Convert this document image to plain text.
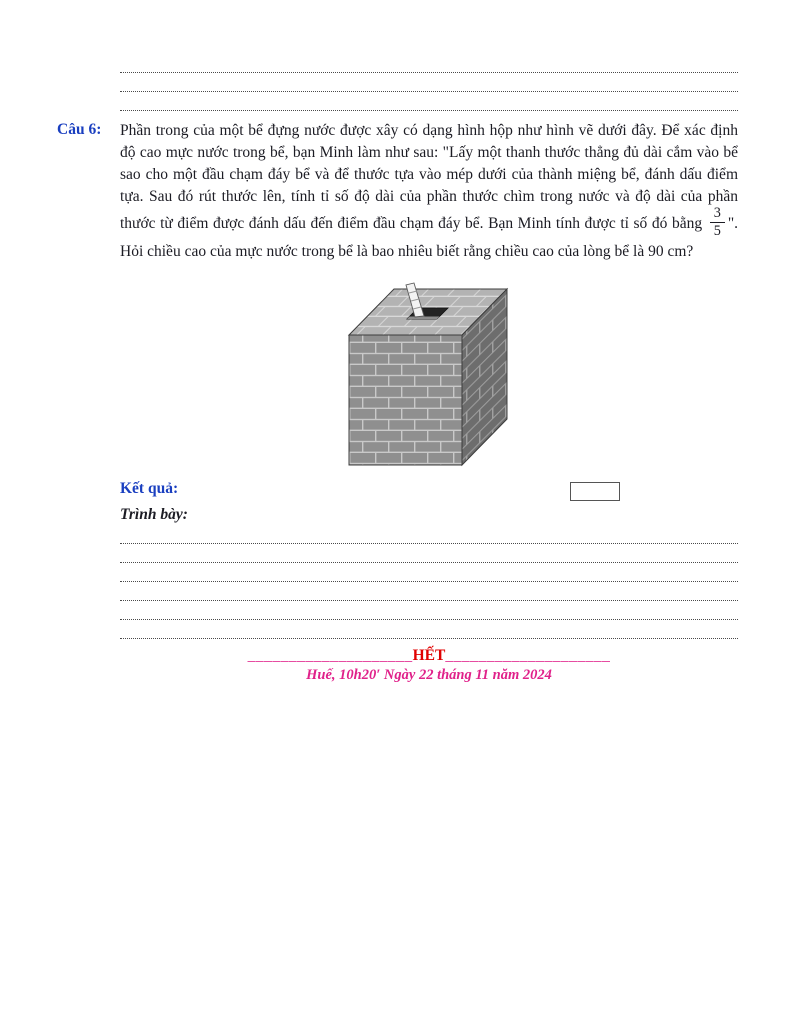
Câu 6: Phần trong của một bể đựng nước được xây có dạng hình hộp như hình vẽ dưới đây. Để xác định độ cao mực nước trong bể, bạn Minh làm như sau: "Lấy một thanh thước thẳng đủ dài cắm vào bể sao cho một đầu chạm đáy bể và để thước tựa vào mép dưới của thành miệng bể, đánh dấu điểm tựa. Sau đó rút thước lên, tính tỉ số độ dài của phần thước chìm trong nước và độ dài của phần thước từ điểm được đánh dấu đến điểm đầu chạm đáy bể. Bạn Minh tính được tỉ số đó bằng $\frac{3}{5}$ ". Hỏi chiều cao của mực nước trong bể là bao nhiêu biết rằng chiều cao của lòng bể là 90 cm?

Kết quả:
Trình bày:
____________________HẾT____________________
Huế, 10h20′ Ngày 22 tháng 11 năm 2024
